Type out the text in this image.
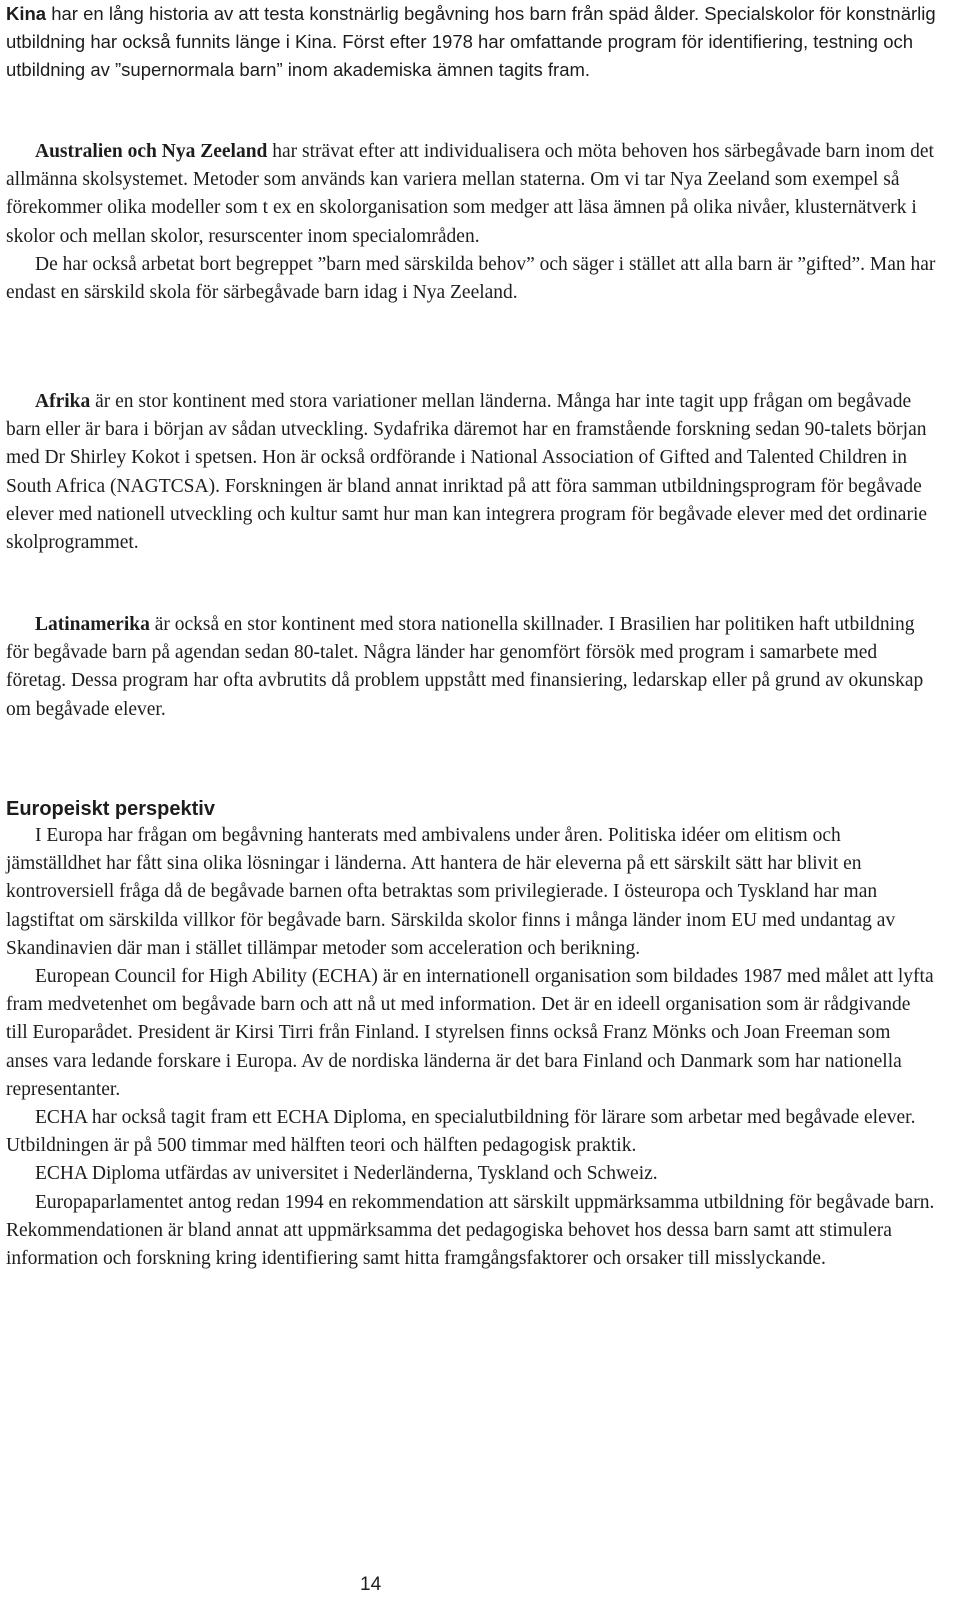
Kina har en lång historia av att testa konstnärlig begåvning hos barn från späd ålder. Specialskolor för konstnärlig utbildning har också funnits länge i Kina. Först efter 1978 har omfattande program för identifiering, testning och utbildning av ”supernormala barn” inom akademiska ämnen tagits fram.

Australien och Nya Zeeland har strävat efter att individualisera och möta behoven hos särbegåvade barn inom det allmänna skolsystemet. Metoder som används kan variera mellan staterna. Om vi tar Nya Zeeland som exempel så förekommer olika modeller som t ex en skolorganisation som medger att läsa ämnen på olika nivåer, klusternätverk i skolor och mellan skolor, resurscenter inom specialområden.

De har också arbetat bort begreppet ”barn med särskilda behov” och säger i stället att alla barn är ”gifted”. Man har endast en särskild skola för särbegåvade barn idag i Nya Zeeland.

Afrika är en stor kontinent med stora variationer mellan länderna. Många har inte tagit upp frågan om begåvade barn eller är bara i början av sådan utveckling. Sydafrika däremot har en framstående forskning sedan 90-talets början med Dr Shirley Kokot i spetsen. Hon är också ordförande i National Association of Gifted and Talented Children in South Africa (NAGTCSA). Forskningen är bland annat inriktad på att föra samman utbildningsprogram för begåvade elever med nationell utveckling och kultur samt hur man kan integrera program för begåvade elever med det ordinarie skolprogrammet.

Latinamerika är också en stor kontinent med stora nationella skillnader. I Brasilien har politiken haft utbildning för begåvade barn på agendan sedan 80-talet. Några länder har genomfört försök med program i samarbete med företag. Dessa program har ofta avbrutits då problem uppstått med finansiering, ledarskap eller på grund av okunskap om begåvade elever.

Europeiskt perspektiv

I Europa har frågan om begåvning hanterats med ambivalens under åren. Politiska idéer om elitism och jämställdhet har fått sina olika lösningar i länderna. Att hantera de här eleverna på ett särskilt sätt har blivit en kontroversiell fråga då de begåvade barnen ofta betraktas som privilegierade. I östeuropa och Tyskland har man lagstiftat om särskilda villkor för begåvade barn. Särskilda skolor finns i många länder inom EU med undantag av Skandinavien där man i stället tillämpar metoder som acceleration och berikning.

European Council for High Ability (ECHA) är en internationell organisation som bildades 1987 med målet att lyfta fram medvetenhet om begåvade barn och att nå ut med information. Det är en ideell organisation som är rådgivande till Europarådet. President är Kirsi Tirri från Finland. I styrelsen finns också Franz Mönks och Joan Freeman som anses vara ledande forskare i Europa. Av de nordiska länderna är det bara Finland och Danmark som har nationella representanter.

ECHA har också tagit fram ett ECHA Diploma, en specialutbildning för lärare som arbetar med begåvade elever. Utbildningen är på 500 timmar med hälften teori och hälften pedagogisk praktik.

ECHA Diploma utfärdas av universitet i Nederländerna, Tyskland och Schweiz.

Europaparlamentet antog redan 1994 en rekommendation att särskilt uppmärksamma utbildning för begåvade barn. Rekommendationen är bland annat att uppmärksamma det pedagogiska behovet hos dessa barn samt att stimulera information och forskning kring identifiering samt hitta framgångsfaktorer och orsaker till misslyckande.

14
